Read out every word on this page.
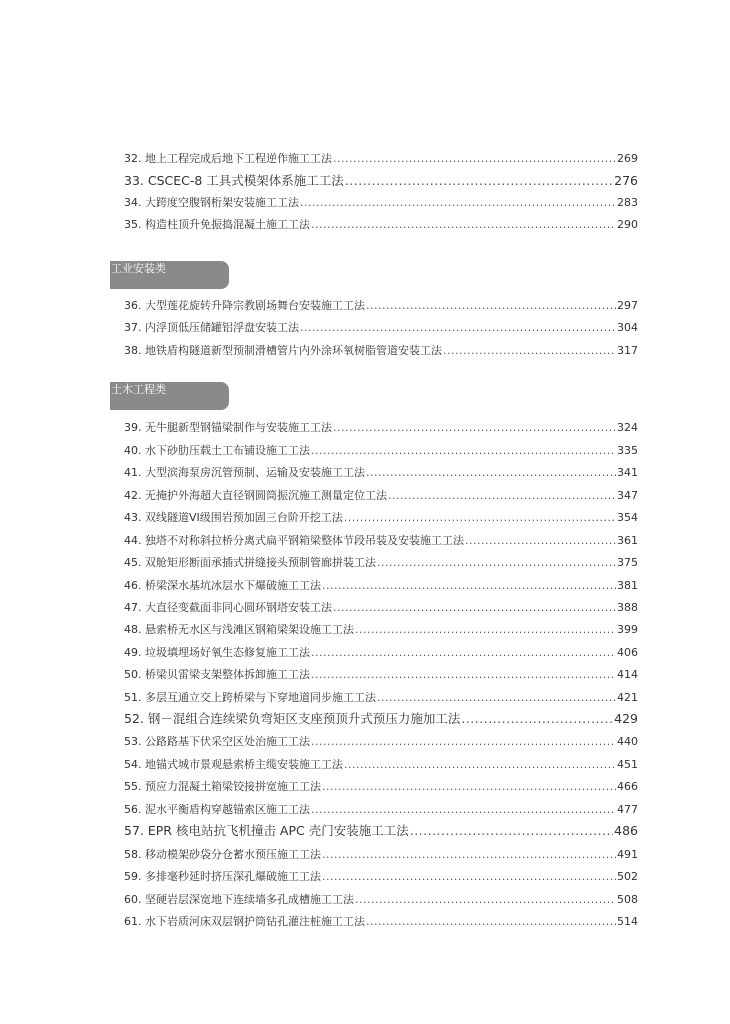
32. 地上工程完成后地下工程逆作施工工法 .....	269
33. CSCEC-8 工具式模架体系施工工法 .....	276
34. 大跨度空腹钢桁架安装施工工法 .....	283
35. 构造柱顶升免振捣混凝土施工工法 .....	290
工业安装类
36. 大型莲花旋转升降宗教剧场舞台安装施工工法 .....	297
37. 内浮顶低压储罐铝浮盘安装工法 .....	304
38. 地铁盾构隧道新型预制滑槽管片内外涂环氧树脂管道安装工法 .....	317
土木工程类
39. 无牛腿新型钢锚梁制作与安装施工工法 .....	324
40. 水下砂肋压载土工布铺设施工工法 .....	335
41. 大型滨海泵房沉管预制、运输及安装施工工法 .....	341
42. 无掩护外海超大直径钢圆筒振沉施工测量定位工法 .....	347
43. 双线隧道VI级围岩预加固三台阶开挖工法 .....	354
44. 独塔不对称斜拉桥分离式扁平钢箱梁整体节段吊装及安装施工工法 .....	361
45. 双舱矩形断面承插式拼缝接头预制管廊拼装工法 .....	375
46. 桥梁深水基坑冰层水下爆破施工工法 .....	381
47. 大直径变截面非同心圆环钢塔安装工法 .....	388
48. 悬索桥无水区与浅滩区钢箱梁架设施工工法 .....	399
49. 垃圾填埋场好氧生态修复施工工法 .....	406
50. 桥梁贝雷梁支架整体拆卸施工工法 .....	414
51. 多层互通立交上跨桥梁与下穿地道同步施工工法 .....	421
52. 钢－混组合连续梁负弯矩区支座预顶升式预压力施加工法 .....	429
53. 公路路基下伏采空区处治施工工法 .....	440
54. 地锚式城市景观悬索桥主缆安装施工工法 .....	451
55. 预应力混凝土箱梁铰接拼宽施工工法 .....	466
56. 泥水平衡盾构穿越锚索区施工工法 .....	477
57. EPR 核电站抗飞机撞击 APC 壳门安装施工工法 .....	486
58. 移动模架砂袋分仓蓄水预压施工工法 .....	491
59. 多排毫秒延时挤压深孔爆破施工工法 .....	502
60. 坚硬岩层深宽地下连续墙多孔成槽施工工法 .....	508
61. 水下岩质河床双层钢护筒钻孔灌注桩施工工法 .....	514
